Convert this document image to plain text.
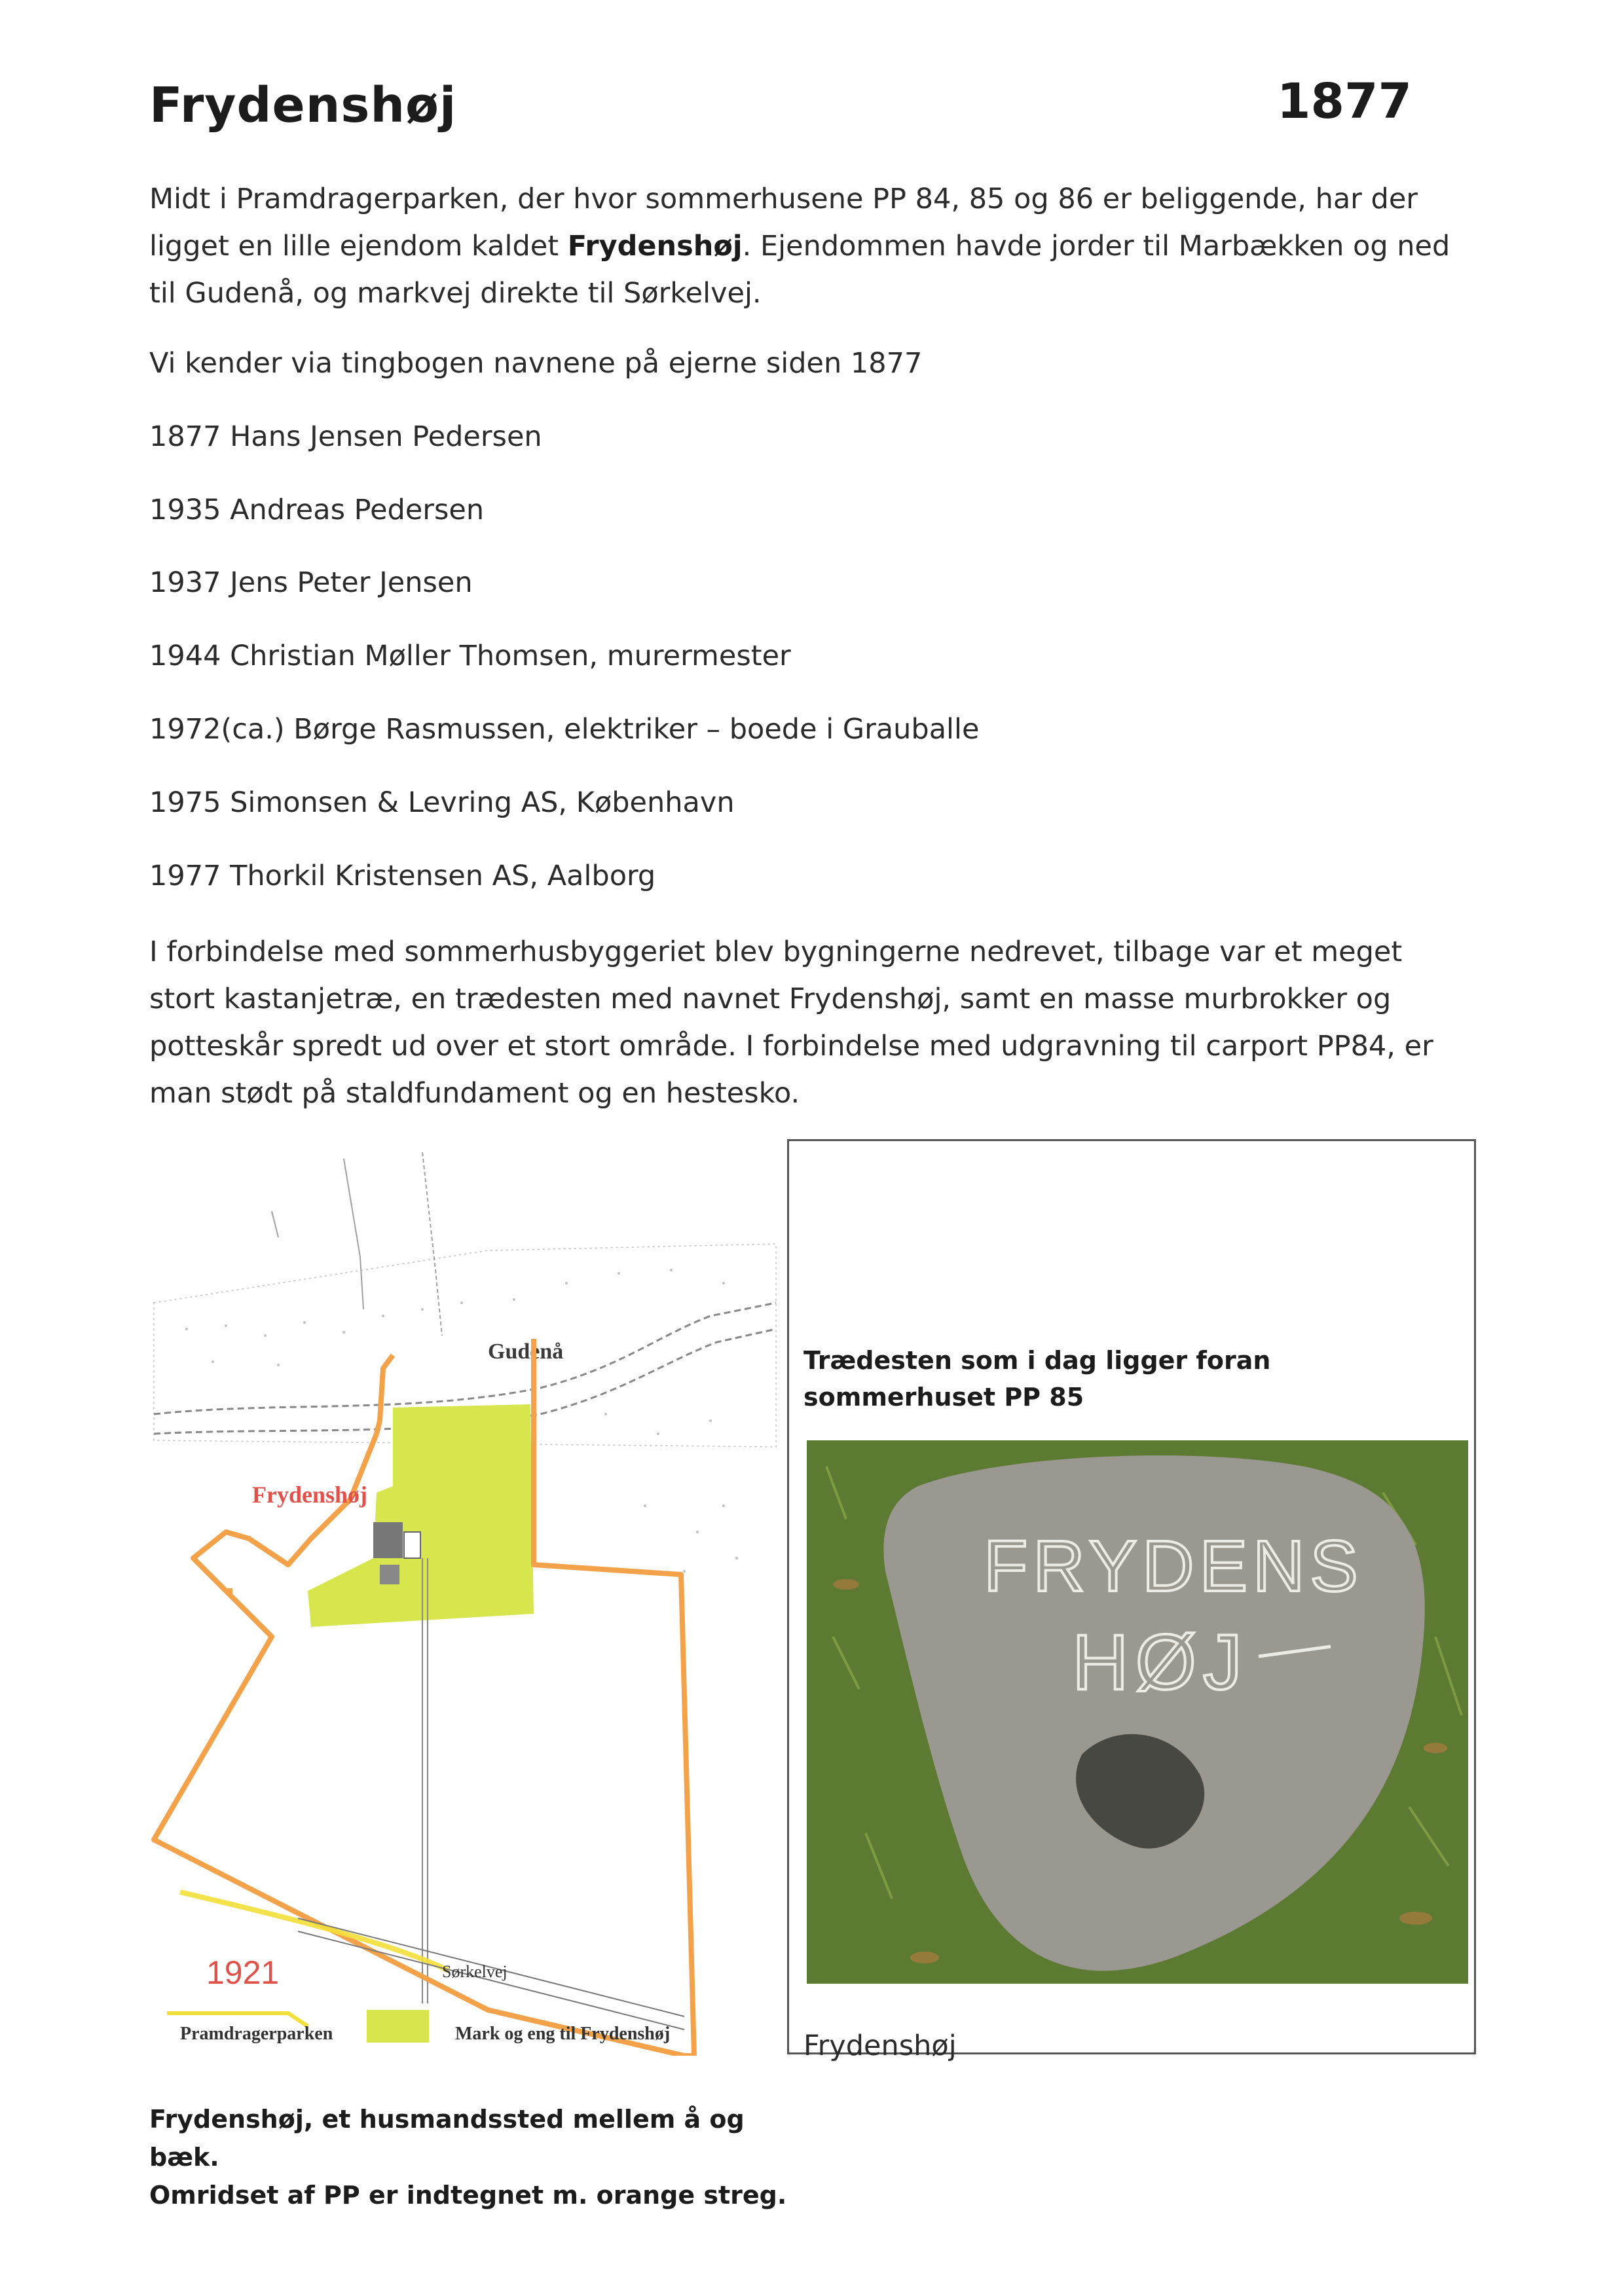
Frydenshøj	1877
Midt i Pramdragerparken, der hvor sommerhusene PP 84, 85 og 86 er beliggende, har der ligget en lille ejendom kaldet Frydenshøj. Ejendommen havde jorder til Marbækken og ned til Gudenå, og markvej direkte til Sørkelvej.
Vi kender via tingbogen navnene på ejerne siden 1877
1877 Hans Jensen Pedersen
1935 Andreas Pedersen
1937 Jens Peter Jensen
1944 Christian Møller Thomsen, murermester
1972(ca.) Børge Rasmussen, elektriker – boede i Grauballe
1975 Simonsen & Levring AS, København
1977 Thorkil Kristensen AS, Aalborg
I forbindelse med sommerhusbyggeriet blev bygningerne nedrevet, tilbage var et meget stort kastanjetræ, en trædesten med navnet Frydenshøj, samt en masse murbrokker og potteskår spredt ud over et stort område. I forbindelse med udgravning til carport PP84, er man stødt på staldfundament og en hestesko.
Gudenå
Frydenshøj
Sørkelvej
1921
Pramdragerparken	Mark og eng til Frydenshøj
Frydenshøj, et husmandssted mellem å og bæk.
Omridset af PP er indtegnet m. orange streg.
Trædesten som i dag ligger foran sommerhuset PP 85
FRYDENS
HØJ
Frydenshøj
